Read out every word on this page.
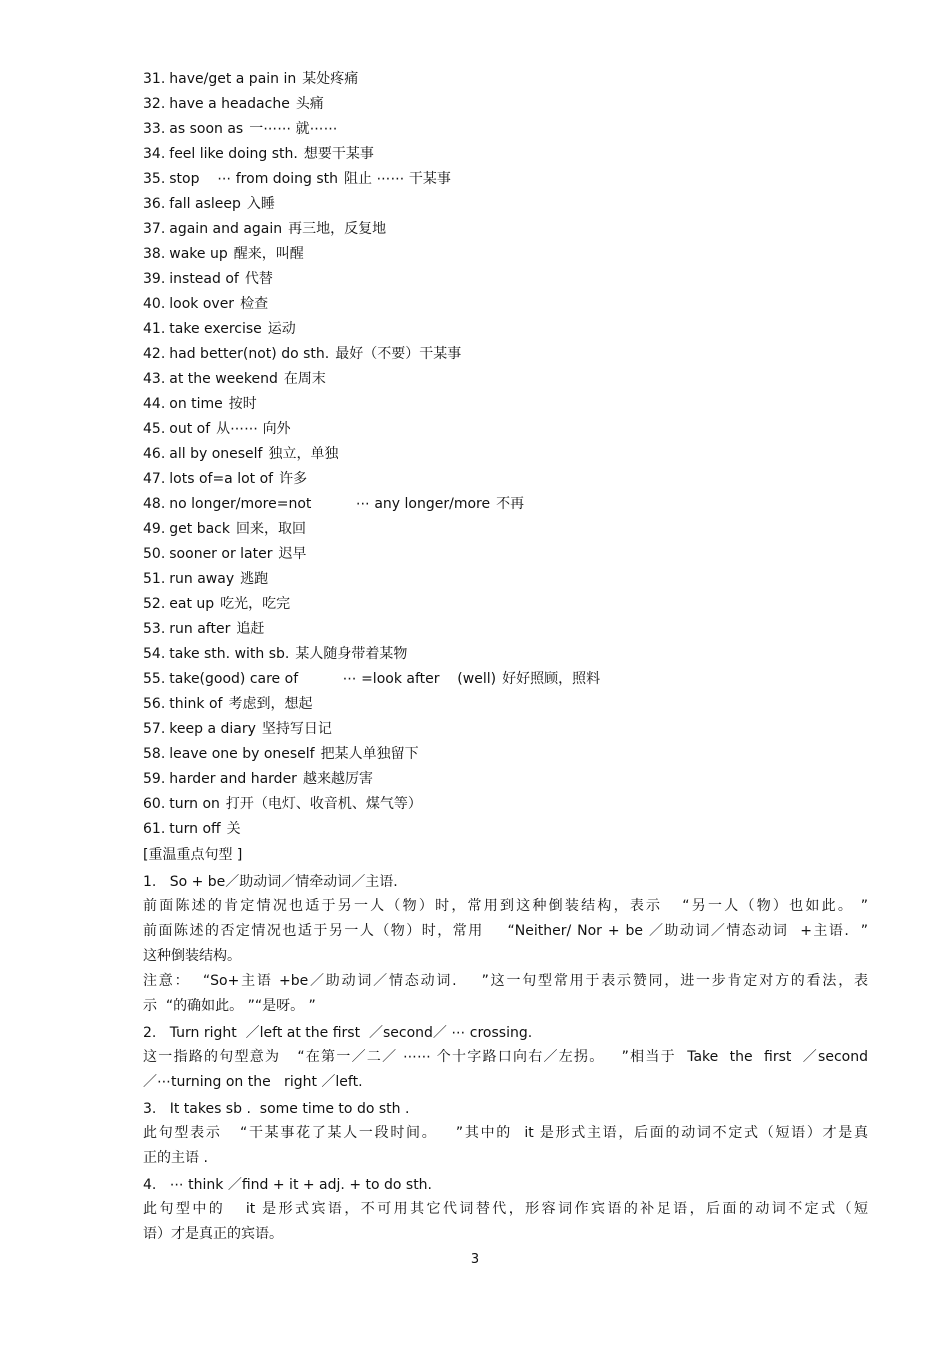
31. have/get a pain in 某处疼痛
32. have a headache 头痛
33. as soon as 一⋯⋯ 就⋯⋯
34. feel like doing sth. 想要干某事
35. stop    ⋯ from doing sth 阻止 ⋯⋯ 干某事
36. fall asleep 入睡
37. again and again 再三地，反复地
38. wake up 醒来，叫醒
39. instead of 代替
40. look over 检查
41. take exercise 运动
42. had better(not) do sth. 最好（不要）干某事
43. at the weekend 在周末
44. on time 按时
45. out of 从⋯⋯ 向外
46. all by oneself 独立，单独
47. lots of=a lot of 许多
48. no longer/more=not          ⋯ any longer/more 不再
49. get back 回来，取回
50. sooner or later 迟早
51. run away 逃跑
52. eat up 吃光，吃完
53. run after 追赶
54. take sth. with sb. 某人随身带着某物
55. take(good) care of          ⋯ =look after    (well) 好好照顾，照料
56. think of 考虑到，想起
57. keep a diary 坚持写日记
58. leave one by oneself 把某人单独留下
59. harder and harder 越来越厉害
60. turn on 打开（电灯、收音机、煤气等）
61. turn off 关
[重温重点句型 ]
1.   So + be／助动词／情牵动词／主语.
前面陈述的肯定情况也适于另一人（物）时，常用到这种倒装结构，表示   “另一人（物）也如此。 ”
前面陈述的否定情况也适于另一人（物）时，常用    “Neither/ Nor + be ／助动词／情态动词  +主语.  ”
这种倒装结构。
注意：  “So+主语 +be／助动词／情态动词.    ”这一句型常用于表示赞同，进一步肯定对方的看法，表
示  “的确如此。 ”“是呀。 ”
2.   Turn right  ／left at the first  ／second／ ⋯ crossing.
这一指路的句型意为   “在第一／二／ ⋯⋯ 个十字路口向右／左拐。   ”相当于  Take  the  first  ／second
／⋯turning on the   right ／left.
3.   It takes sb .  some time to do sth .
此句型表示   “干某事花了某人一段时间。   ”其中的  it 是形式主语，后面的动词不定式（短语）才是真
正的主语 .
4.   ⋯ think ／find + it + adj. + to do sth.
此句型中的   it 是形式宾语，不可用其它代词替代，形容词作宾语的补足语，后面的动词不定式（短
语）才是真正的宾语。
3
